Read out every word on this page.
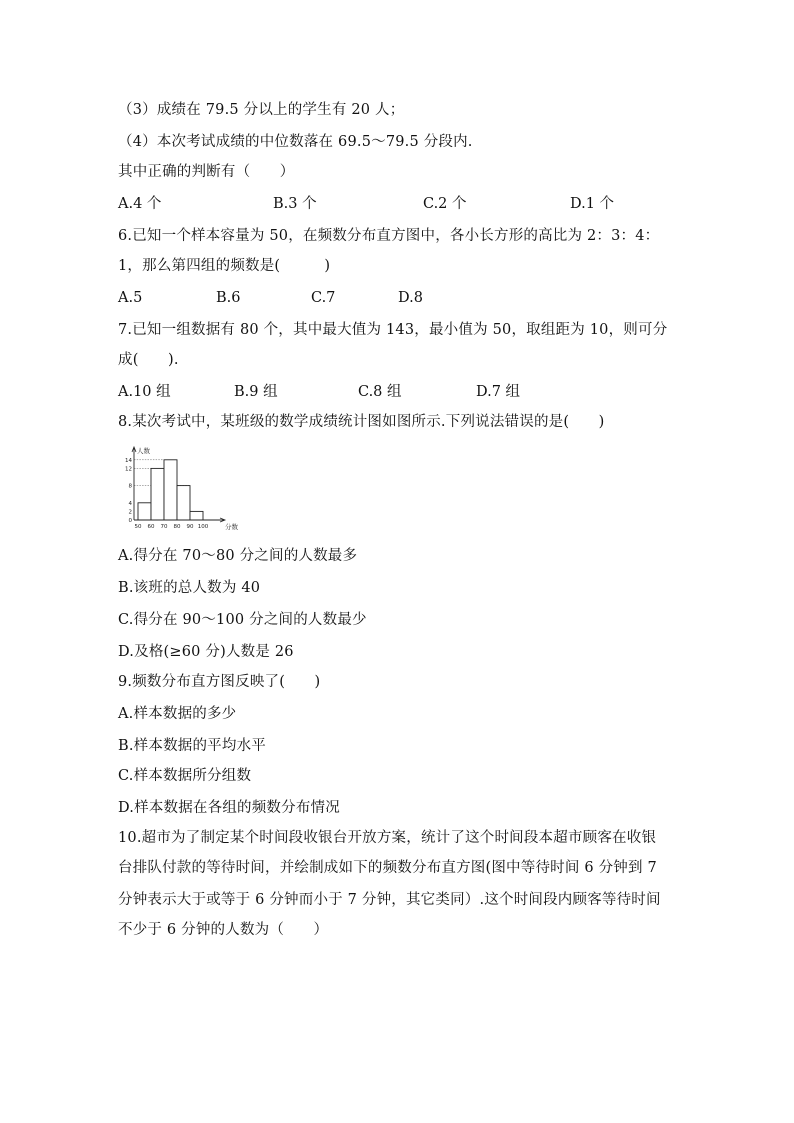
（3）成绩在 79.5 分以上的学生有 20 人；
（4）本次考试成绩的中位数落在 69.5～79.5 分段内.
其中正确的判断有（　　）
A.4 个	B.3 个	C.2 个	D.1 个
6.已知一个样本容量为 50，在频数分布直方图中，各小长方形的高比为 2：3：4：
1，那么第四组的频数是(　　　)
A.5	B.6	C.7	D.8
7.已知一组数据有 80 个，其中最大值为 143，最小值为 50，取组距为 10，则可分
成(　　).
A.10 组	B.9 组	C.8 组	D.7 组
8.某次考试中，某班级的数学成绩统计图如图所示.下列说法错误的是(　　)
0
2
4
8
12
14
50 60 70 80 90 100
人数
分数
A.得分在 70～80 分之间的人数最多
B.该班的总人数为 40
C.得分在 90～100 分之间的人数最少
D.及格(≥60 分)人数是 26
9.频数分布直方图反映了(　　)
A.样本数据的多少
B.样本数据的平均水平
C.样本数据所分组数
D.样本数据在各组的频数分布情况
10.超市为了制定某个时间段收银台开放方案，统计了这个时间段本超市顾客在收银
台排队付款的等待时间，并绘制成如下的频数分布直方图(图中等待时间 6 分钟到 7
分钟表示大于或等于 6 分钟而小于 7 分钟，其它类同）.这个时间段内顾客等待时间
不少于 6 分钟的人数为（　　）
